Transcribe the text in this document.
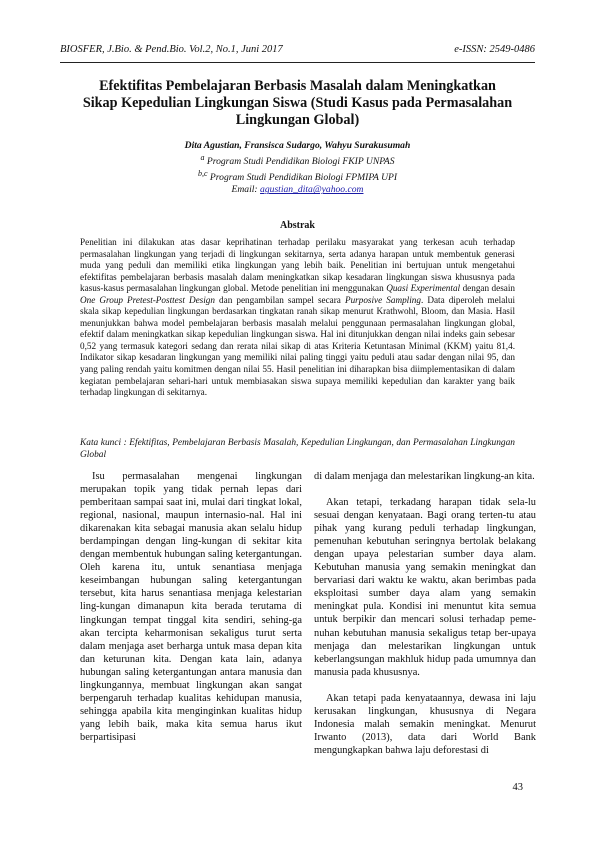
BIOSFER, J.Bio. & Pend.Bio. Vol.2, No.1, Juni 2017	e-ISSN: 2549-0486
Efektifitas Pembelajaran Berbasis Masalah dalam Meningkatkan Sikap Kepedulian Lingkungan Siswa (Studi Kasus pada Permasalahan Lingkungan Global)
Dita Agustian, Fransisca Sudargo, Wahyu Surakusumah
$^a$ Program Studi Pendidikan Biologi FKIP UNPAS
$^{b,c}$ Program Studi Pendidikan Biologi FPMIPA UPI
Email: agustian_dita@yahoo.com
Abstrak
Penelitian ini dilakukan atas dasar keprihatinan terhadap perilaku masyarakat yang terkesan acuh terhadap permasalahan lingkungan yang terjadi di lingkungan sekitarnya, serta adanya harapan untuk membentuk generasi muda yang peduli dan memiliki etika lingkungan yang lebih baik. Penelitian ini bertujuan untuk mengetahui efektifitas pembelajaran berbasis masalah dalam meningkatkan sikap kesadaran lingkungan siswa khususnya pada kasus-kasus permasalahan lingkungan global. Metode penelitian ini menggunakan Quasi Experimental dengan desain One Group Pretest-Posttest Design dan pengambilan sampel secara Purposive Sampling. Data diperoleh melalui skala sikap kepedulian lingkungan berdasarkan tingkatan ranah sikap menurut Krathwohl, Bloom, dan Masia. Hasil menunjukkan bahwa model pembelajaran berbasis masalah melalui penggunaan permasalahan lingkungan global, efektif dalam meningkatkan sikap kepedulian lingkungan siswa. Hal ini ditunjukkan dengan nilai indeks gain sebesar 0,52 yang termasuk kategori sedang dan rerata nilai sikap di atas Kriteria Ketuntasan Minimal (KKM) yaitu 81,4. Indikator sikap kesadaran lingkungan yang memiliki nilai paling tinggi yaitu peduli atau sadar dengan nilai 95, dan yang paling rendah yaitu komitmen dengan nilai 55. Hasil penelitian ini diharapkan bisa diimplementasikan di dalam kegiatan pembelajaran sehari-hari untuk membiasakan siswa supaya memiliki kepedulian dan karakter yang baik terhadap lingkungan di sekitarnya.
Kata kunci : Efektifitas, Pembelajaran Berbasis Masalah, Kepedulian Lingkungan, dan Permasalahan Lingkungan Global

Isu permasalahan mengenai lingkungan merupakan topik yang tidak pernah lepas dari pemberitaan sampai saat ini, mulai dari tingkat lokal, regional, nasional, maupun internasio-nal. Hal ini dikarenakan kita sebagai manusia akan selalu hidup berdampingan dengan ling-kungan di sekitar kita dengan membentuk hubungan saling ketergantungan. Oleh karena itu, untuk senantiasa menjaga keseimbangan hubungan saling ketergantungan tersebut, kita harus senantiasa menjaga kelestarian ling-kungan dimanapun kita berada terutama di lingkungan tempat tinggal kita sendiri, sehing-ga akan tercipta keharmonisan sekaligus turut serta dalam menjaga aset berharga untuk masa depan kita dan keturunan kita. Dengan kata lain, adanya hubungan saling ketergantungan antara manusia dan lingkungannya, membuat lingkungan akan sangat berpengaruh terhadap kualitas kehidupan manusia, sehingga apabila kita menginginkan kualitas hidup yang lebih baik, maka kita semua harus ikut berpartisipasi

di dalam menjaga dan melestarikan lingkung-an kita.

Akan tetapi, terkadang harapan tidak sela-lu sesuai dengan kenyataan. Bagi orang terten-tu atau pihak yang kurang peduli terhadap lingkungan, pemenuhan kebutuhan seringnya bertolak belakang dengan upaya pelestarian sumber daya alam. Kebutuhan manusia yang semakin meningkat dan bervariasi dari waktu ke waktu, akan berimbas pada eksploitasi sumber daya alam yang semakin meningkat pula. Kondisi ini menuntut kita semua untuk berpikir dan mencari solusi terhadap peme-nuhan kebutuhan manusia sekaligus tetap ber-upaya menjaga dan melestarikan lingkungan untuk keberlangsungan makhluk hidup pada umumnya dan manusia pada khususnya.

Akan tetapi pada kenyataannya, dewasa ini laju kerusakan lingkungan, khususnya di Negara Indonesia malah semakin meningkat. Menurut Irwanto (2013), data dari World Bank mengungkapkan bahwa laju deforestasi di

43
